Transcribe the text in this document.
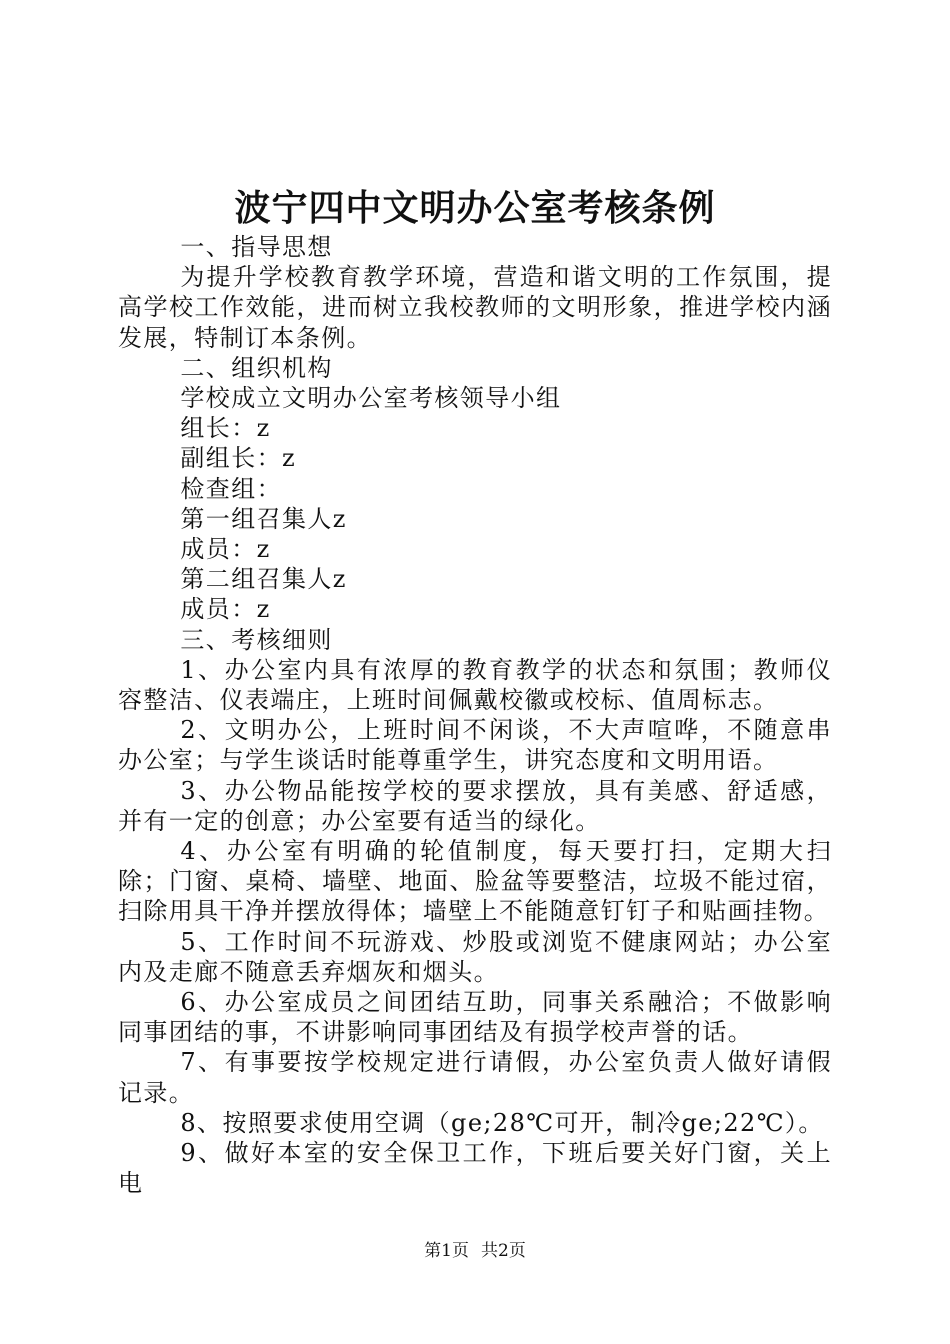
波宁四中文明办公室考核条例

一、指导思想

为提升学校教育教学环境，营造和谐文明的工作氛围，提高学校工作效能，进而树立我校教师的文明形象，推进学校内涵发展，特制订本条例。

二、组织机构

学校成立文明办公室考核领导小组

组长：z

副组长：z

检查组：

第一组召集人z

成员：z

第二组召集人z

成员：z

三、考核细则

1、办公室内具有浓厚的教育教学的状态和氛围；教师仪容整洁、仪表端庄，上班时间佩戴校徽或校标、值周标志。

2、文明办公，上班时间不闲谈，不大声喧哗，不随意串办公室；与学生谈话时能尊重学生，讲究态度和文明用语。

3、办公物品能按学校的要求摆放，具有美感、舒适感，并有一定的创意；办公室要有适当的绿化。

4、办公室有明确的轮值制度，每天要打扫，定期大扫除；门窗、桌椅、墙壁、地面、脸盆等要整洁，垃圾不能过宿，扫除用具干净并摆放得体；墙壁上不能随意钉钉子和贴画挂物。

5、工作时间不玩游戏、炒股或浏览不健康网站；办公室内及走廊不随意丢弃烟灰和烟头。

6、办公室成员之间团结互助，同事关系融洽；不做影响同事团结的事，不讲影响同事团结及有损学校声誉的话。

7、有事要按学校规定进行请假，办公室负责人做好请假记录。

8、按照要求使用空调（ge;28℃可开，制冷ge;22℃）。

9、做好本室的安全保卫工作，下班后要关好门窗，关上电

第1页 共2页
